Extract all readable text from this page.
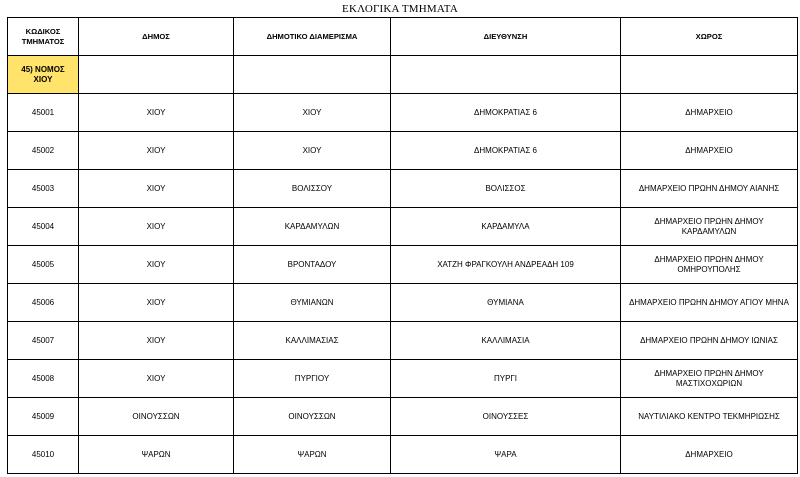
ΕΚΛΟΓΙΚΑ ΤΜΗΜΑΤΑ
ΚΩΔΙΚΟΣ
ΤΜΗΜΑΤΟΣ	ΔΗΜΟΣ	ΔΗΜΟΤΙΚΟ ΔΙΑΜΕΡΙΣΜΑ	ΔΙΕΥΘΥΝΣΗ	ΧΩΡΟΣ

45) ΝΟΜΟΣ
ΧΙΟΥ				

45001	ΧΙΟΥ	ΧΙΟΥ	ΔΗΜΟΚΡΑΤΙΑΣ 6	ΔΗΜΑΡΧΕΙΟ

45002	ΧΙΟΥ	ΧΙΟΥ	ΔΗΜΟΚΡΑΤΙΑΣ 6	ΔΗΜΑΡΧΕΙΟ

45003	ΧΙΟΥ	ΒΟΛΙΣΣΟΥ	ΒΟΛΙΣΣΟΣ	ΔΗΜΑΡΧΕΙΟ ΠΡΩΗΝ ΔΗΜΟΥ ΑΙΑΝΗΣ

45004	ΧΙΟΥ	ΚΑΡΔΑΜΥΛΩΝ	ΚΑΡΔΑΜΥΛΑ	ΔΗΜΑΡΧΕΙΟ ΠΡΩΗΝ ΔΗΜΟΥ
ΚΑΡΔΑΜΥΛΩΝ

45005	ΧΙΟΥ	ΒΡΟΝΤΑΔΟΥ	ΧΑΤΖΗ ΦΡΑΓΚΟΥΛΗ ΑΝΔΡΕΑΔΗ 109	ΔΗΜΑΡΧΕΙΟ ΠΡΩΗΝ ΔΗΜΟΥ
ΟΜΗΡΟΥΠΟΛΗΣ

45006	ΧΙΟΥ	ΘΥΜΙΑΝΩΝ	ΘΥΜΙΑΝΑ	ΔΗΜΑΡΧΕΙΟ ΠΡΩΗΝ ΔΗΜΟΥ ΑΓΙΟΥ ΜΗΝΑ

45007	ΧΙΟΥ	ΚΑΛΛΙΜΑΣΙΑΣ	ΚΑΛΛΙΜΑΣΙΑ	ΔΗΜΑΡΧΕΙΟ ΠΡΩΗΝ ΔΗΜΟΥ ΙΩΝΙΑΣ

45008	ΧΙΟΥ	ΠΥΡΓΙΟΥ	ΠΥΡΓΙ	ΔΗΜΑΡΧΕΙΟ ΠΡΩΗΝ ΔΗΜΟΥ
ΜΑΣΤΙΧΟΧΩΡΙΩΝ

45009	ΟΙΝΟΥΣΣΩΝ	ΟΙΝΟΥΣΣΩΝ	ΟΙΝΟΥΣΣΕΣ	ΝΑΥΤΙΛΙΑΚΟ ΚΕΝΤΡΟ ΤΕΚΜΗΡΙΩΣΗΣ

45010	ΨΑΡΩΝ	ΨΑΡΩΝ	ΨΑΡΑ	ΔΗΜΑΡΧΕΙΟ
